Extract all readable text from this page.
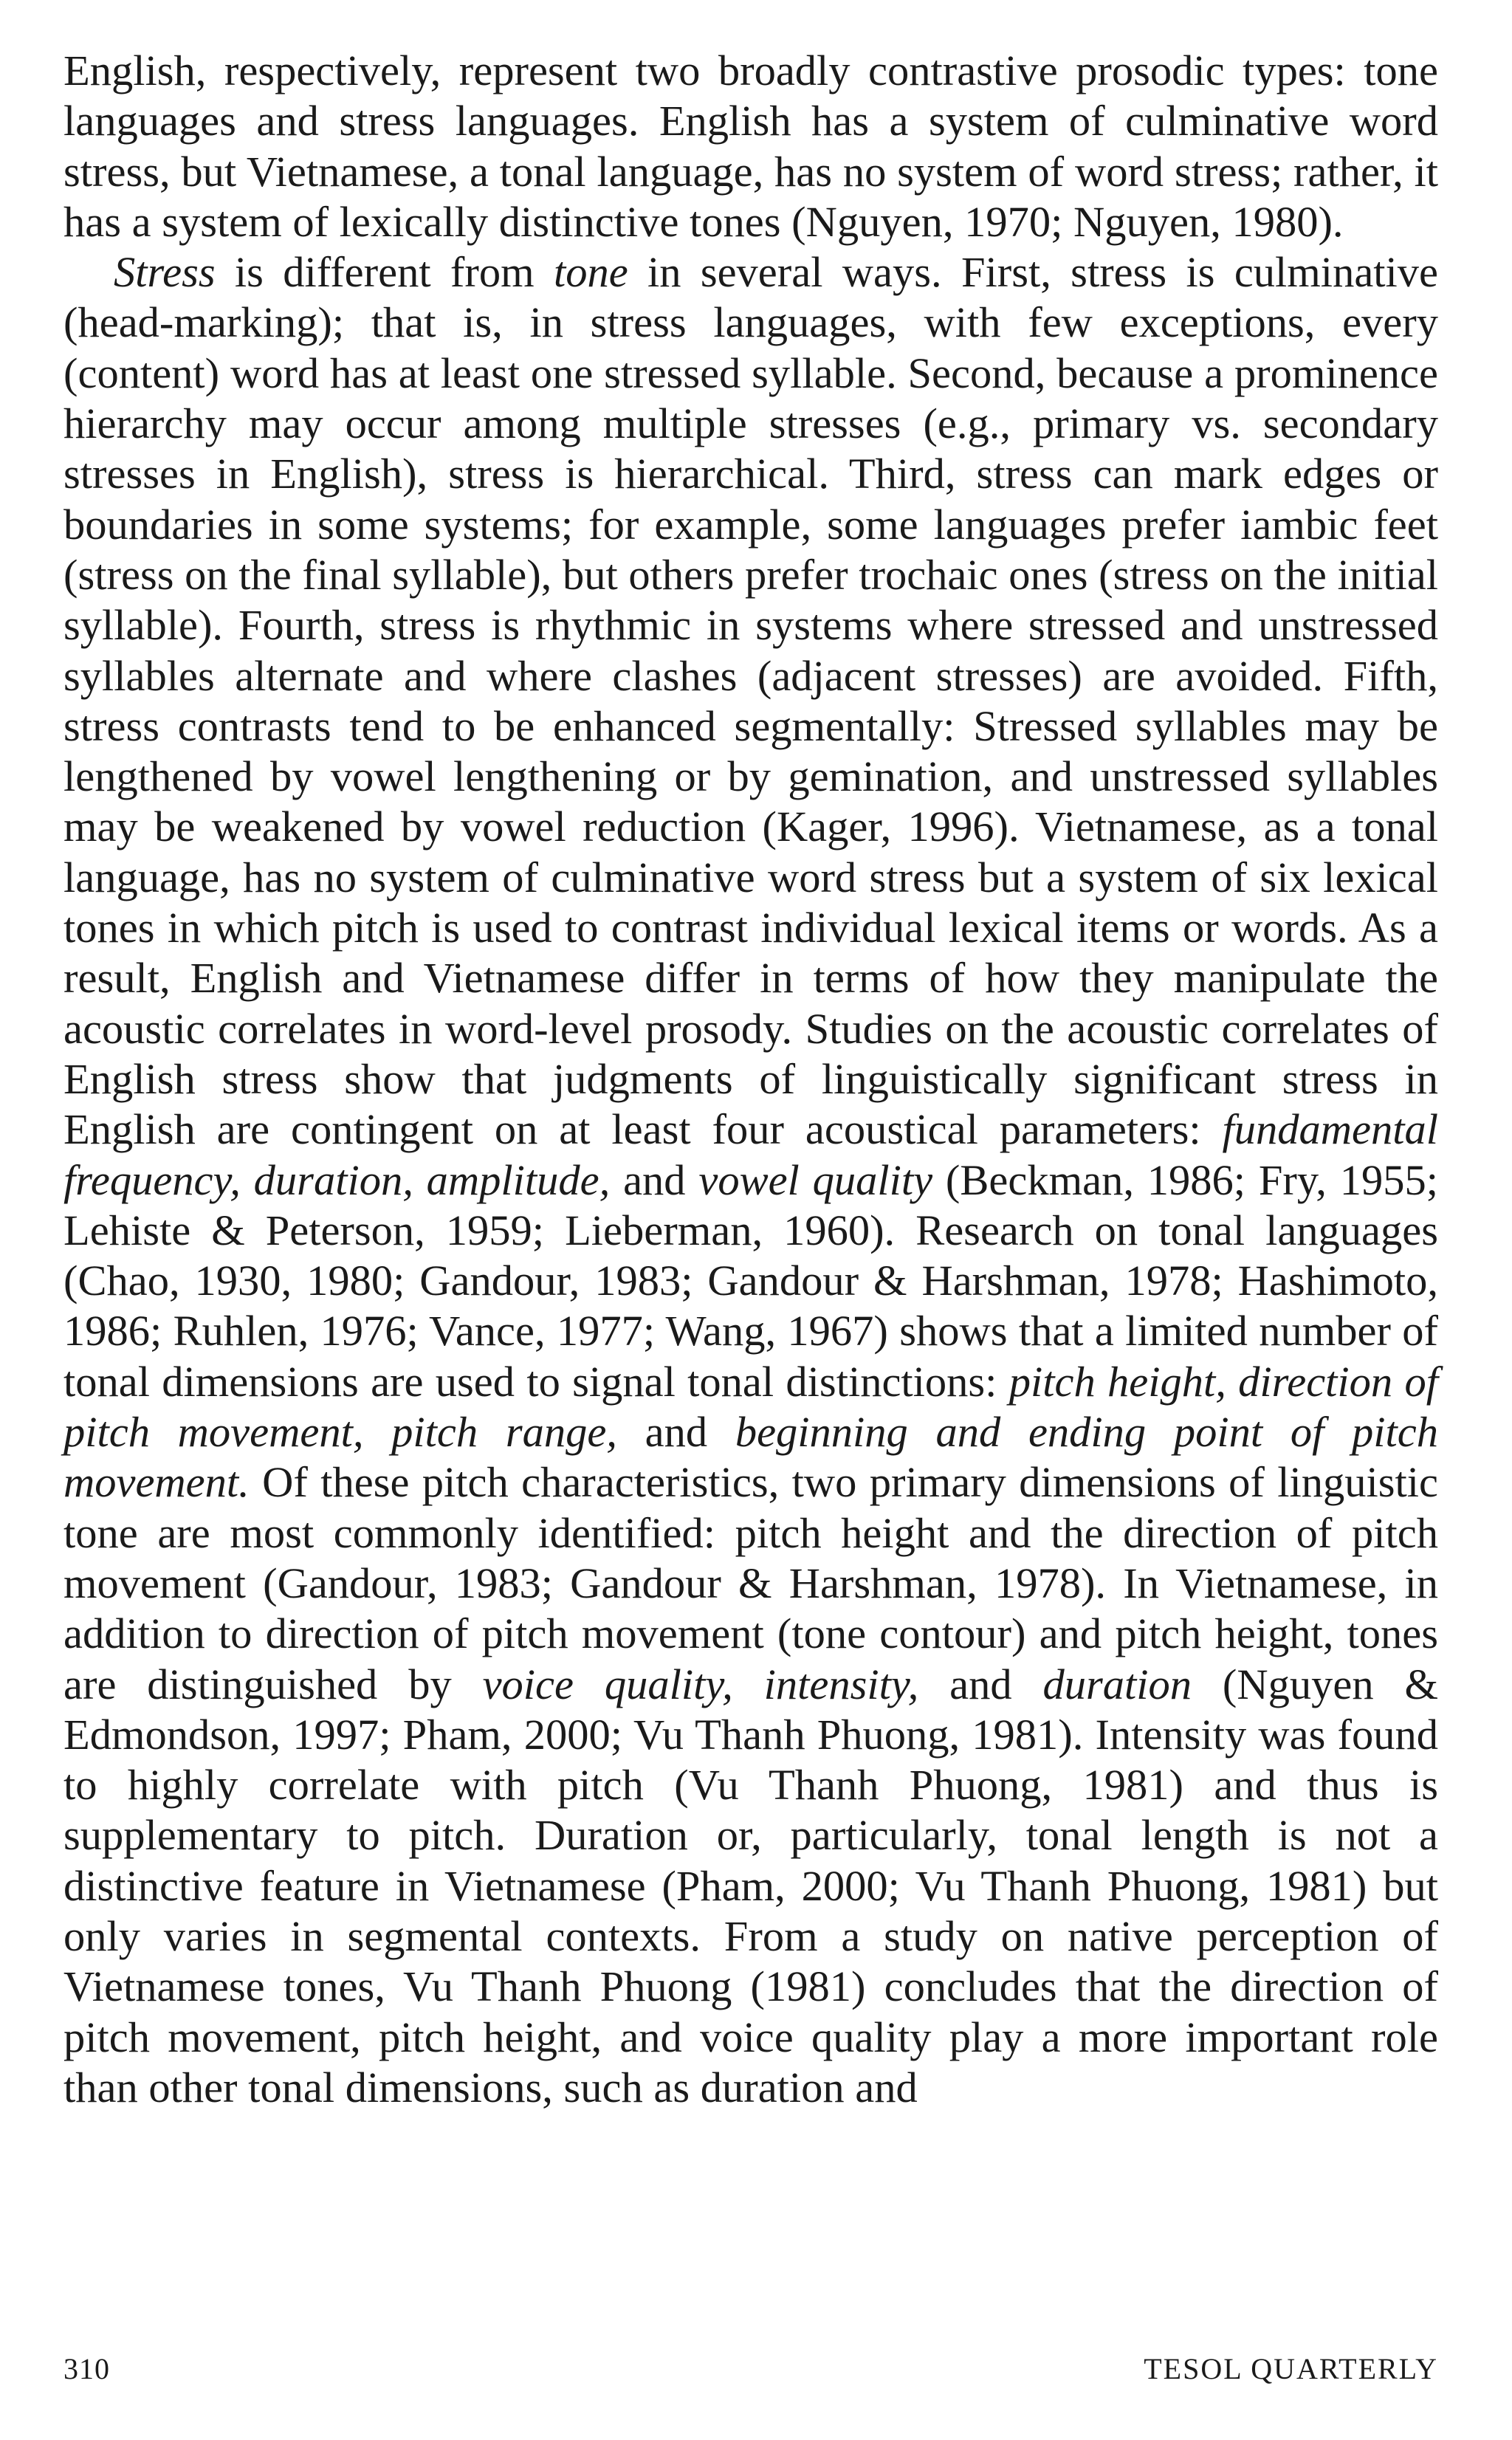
English, respectively, represent two broadly contrastive prosodic types: tone languages and stress languages. English has a system of culminative word stress, but Vietnamese, a tonal language, has no system of word stress; rather, it has a system of lexically distinctive tones (Nguyen, 1970; Nguyen, 1980).

Stress is different from tone in several ways. First, stress is culminative (head-marking); that is, in stress languages, with few exceptions, every (content) word has at least one stressed syllable. Second, because a prominence hierarchy may occur among multiple stresses (e.g., primary vs. secondary stresses in English), stress is hierarchical. Third, stress can mark edges or boundaries in some systems; for example, some languages prefer iambic feet (stress on the final syllable), but others prefer trochaic ones (stress on the initial syllable). Fourth, stress is rhythmic in systems where stressed and unstressed syllables alternate and where clashes (adjacent stresses) are avoided. Fifth, stress contrasts tend to be enhanced segmentally: Stressed syllables may be lengthened by vowel lengthening or by gemination, and unstressed syllables may be weakened by vowel reduction (Kager, 1996). Vietnamese, as a tonal language, has no system of culminative word stress but a system of six lexical tones in which pitch is used to contrast individual lexical items or words. As a result, English and Vietnamese differ in terms of how they manipulate the acoustic correlates in word-level prosody. Studies on the acoustic correlates of English stress show that judgments of linguistically significant stress in English are contingent on at least four acoustical parameters: fundamental frequency, duration, amplitude, and vowel quality (Beckman, 1986; Fry, 1955; Lehiste & Peterson, 1959; Lieberman, 1960). Research on tonal languages (Chao, 1930, 1980; Gandour, 1983; Gandour & Harshman, 1978; Hashimoto, 1986; Ruhlen, 1976; Vance, 1977; Wang, 1967) shows that a limited number of tonal dimensions are used to signal tonal distinctions: pitch height, direction of pitch movement, pitch range, and beginning and ending point of pitch movement. Of these pitch characteristics, two primary dimensions of linguistic tone are most commonly identified: pitch height and the direction of pitch movement (Gandour, 1983; Gandour & Harshman, 1978). In Vietnamese, in addition to direction of pitch movement (tone contour) and pitch height, tones are distinguished by voice quality, intensity, and duration (Nguyen & Edmondson, 1997; Pham, 2000; Vu Thanh Phuong, 1981). Intensity was found to highly correlate with pitch (Vu Thanh Phuong, 1981) and thus is supplementary to pitch. Duration or, particularly, tonal length is not a distinctive feature in Vietnamese (Pham, 2000; Vu Thanh Phuong, 1981) but only varies in segmental contexts. From a study on native perception of Vietnamese tones, Vu Thanh Phuong (1981) concludes that the direction of pitch movement, pitch height, and voice quality play a more important role than other tonal dimensions, such as duration and

310	TESOL QUARTERLY
